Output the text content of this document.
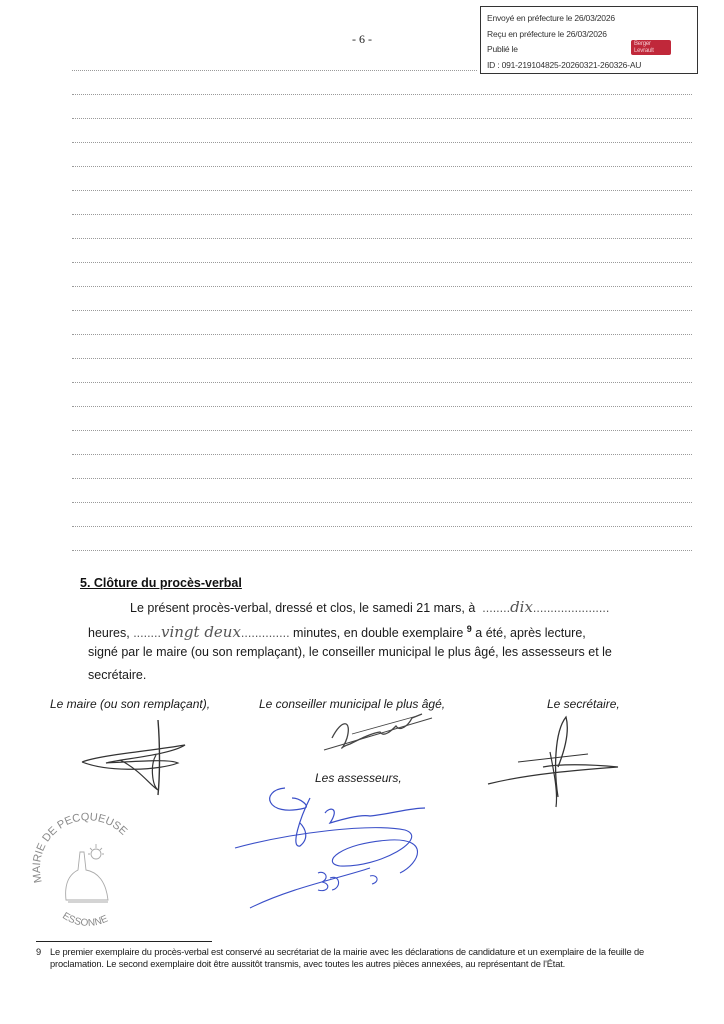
- 6 -
Envoyé en préfecture le 26/03/2026
Reçu en préfecture le 26/03/2026
Publié le
ID : 091-219104825-20260321-260326-AU
Berger Levrault
5. Clôture du procès-verbal
Le présent procès-verbal, dressé et clos, le samedi 21 mars, à  ........dix......................
heures, ........vingt deux.............. minutes, en double exemplaire $^9$ a été, après lecture,
signé par le maire (ou son remplaçant), le conseiller municipal le plus âgé, les assesseurs et le
secrétaire.
Le maire (ou son remplaçant),	Le conseiller municipal le plus âgé,	Le secrétaire,
Les assesseurs,
MAIRIE DE PECQUEUSE
ESSONNE
9 Le premier exemplaire du procès-verbal est conservé au secrétariat de la mairie avec les déclarations de candidature et un exemplaire de la feuille de proclamation. Le second exemplaire doit être aussitôt transmis, avec toutes les autres pièces annexées, au représentant de l'État.
